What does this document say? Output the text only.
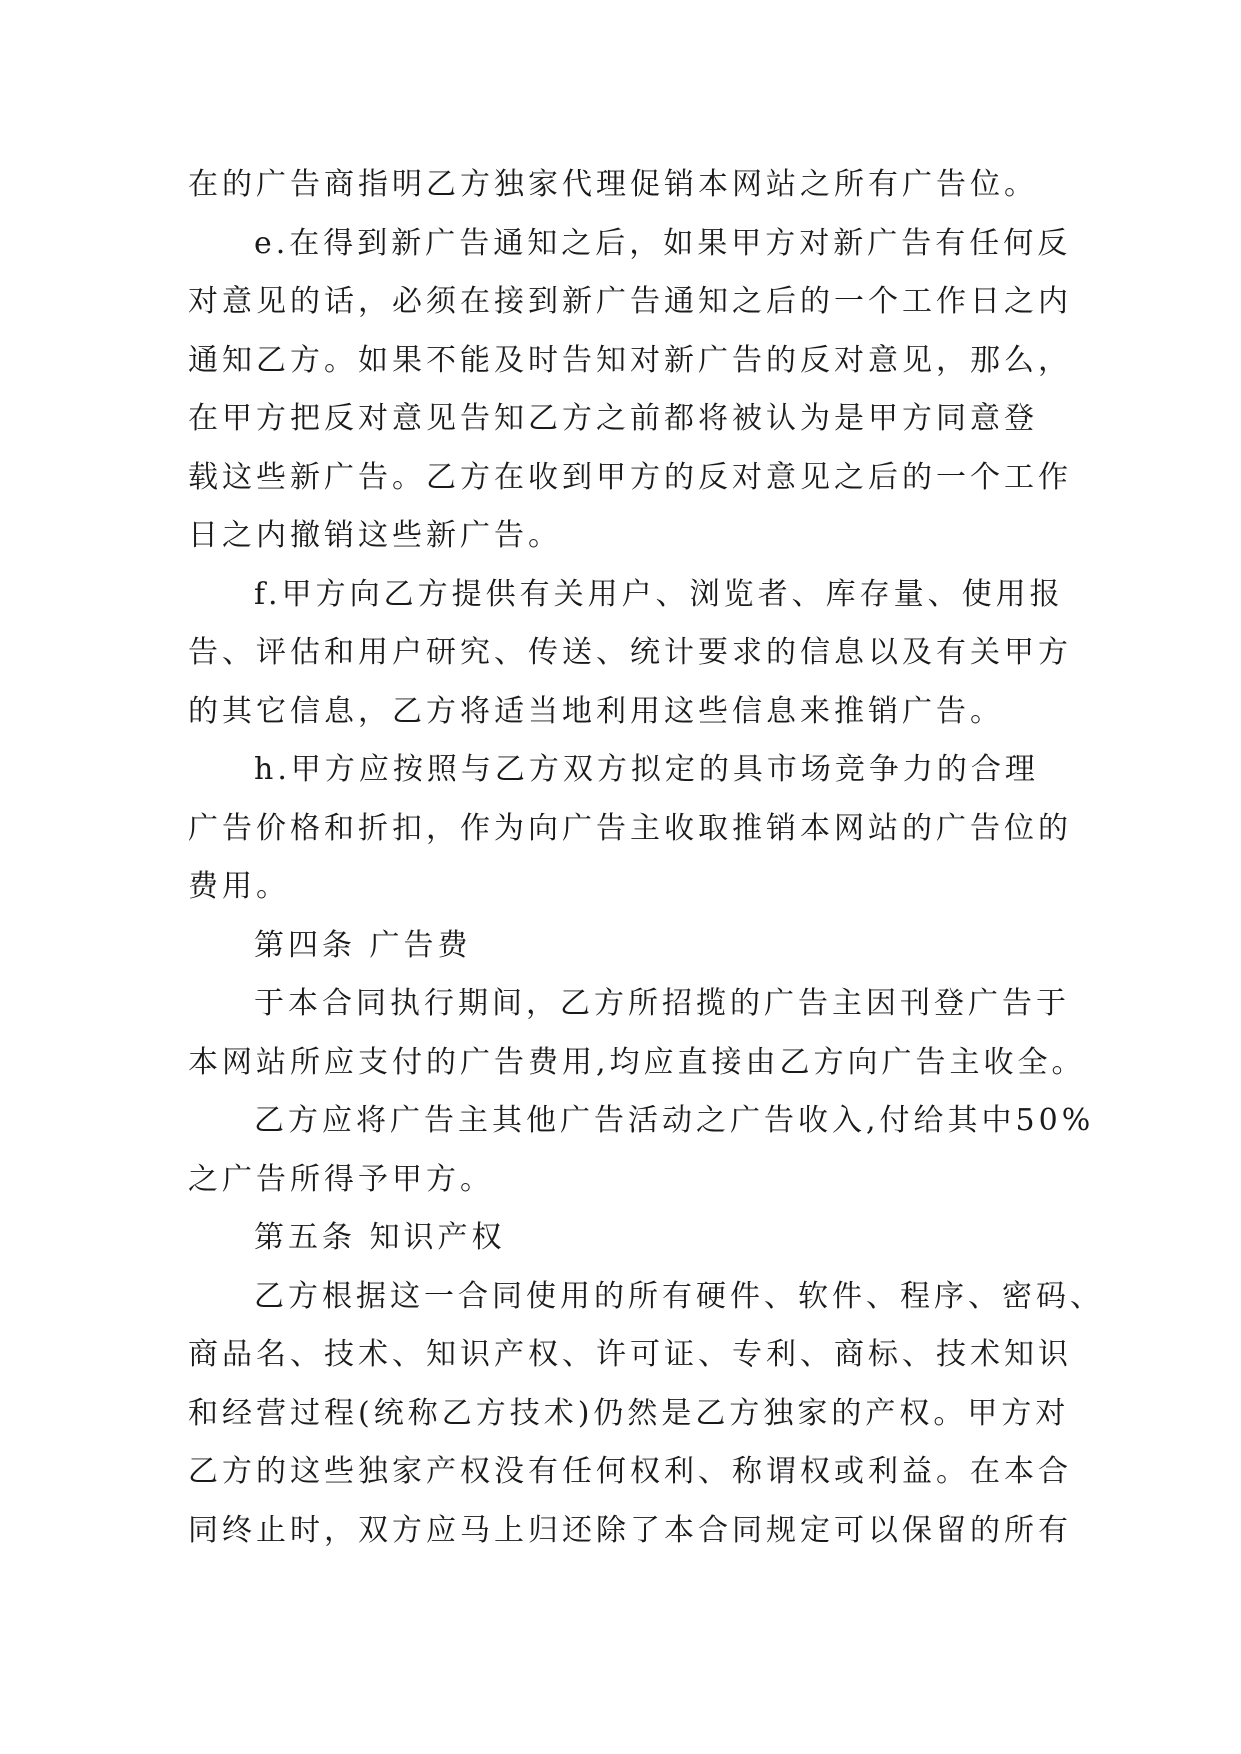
在的广告商指明乙方独家代理促销本网站之所有广告位。
e.在得到新广告通知之后，如果甲方对新广告有任何反
对意见的话，必须在接到新广告通知之后的一个工作日之内
通知乙方。如果不能及时告知对新广告的反对意见，那么，
在甲方把反对意见告知乙方之前都将被认为是甲方同意登
载这些新广告。乙方在收到甲方的反对意见之后的一个工作
日之内撤销这些新广告。
f.甲方向乙方提供有关用户、浏览者、库存量、使用报
告、评估和用户研究、传送、统计要求的信息以及有关甲方
的其它信息，乙方将适当地利用这些信息来推销广告。
h.甲方应按照与乙方双方拟定的具市场竞争力的合理
广告价格和折扣，作为向广告主收取推销本网站的广告位的
费用。
第四条 广告费
于本合同执行期间，乙方所招揽的广告主因刊登广告于
本网站所应支付的广告费用,均应直接由乙方向广告主收全。
乙方应将广告主其他广告活动之广告收入,付给其中50%
之广告所得予甲方。
第五条 知识产权
乙方根据这一合同使用的所有硬件、软件、程序、密码、
商品名、技术、知识产权、许可证、专利、商标、技术知识
和经营过程(统称乙方技术)仍然是乙方独家的产权。甲方对
乙方的这些独家产权没有任何权利、称谓权或利益。在本合
同终止时，双方应马上归还除了本合同规定可以保留的所有
